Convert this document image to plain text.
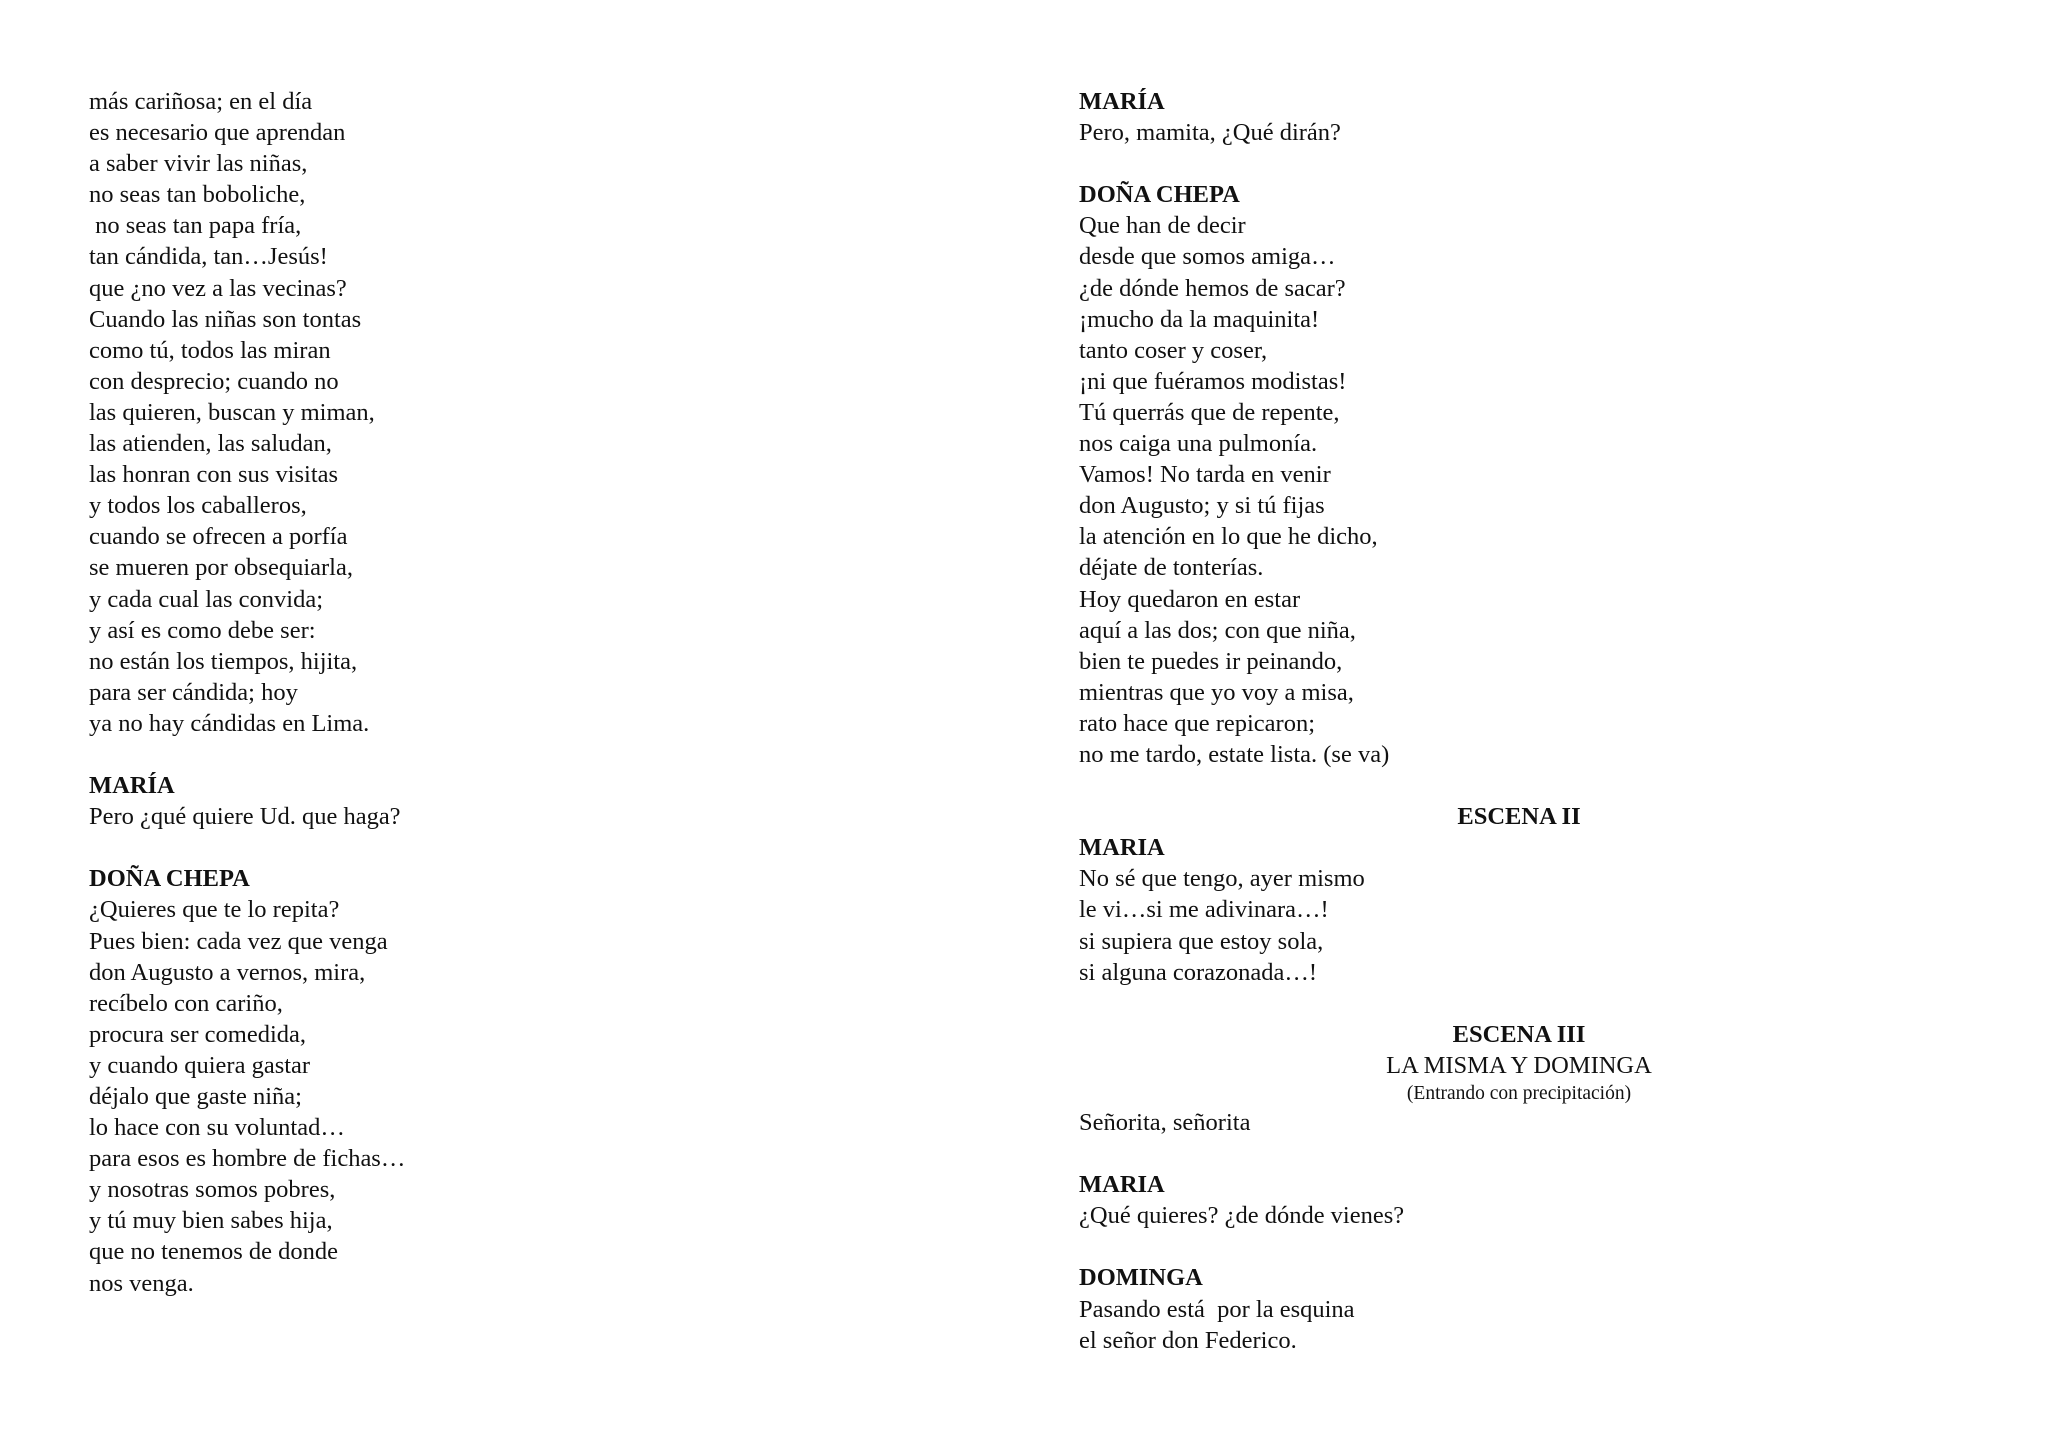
más cariñosa; en el día
es necesario que aprendan
a saber vivir las niñas,
no seas tan boboliche,
no seas tan papa fría,
tan cándida, tan…Jesús!
que ¿no vez a las vecinas?
Cuando las niñas son tontas
como tú, todos las miran
con desprecio; cuando no
las quieren, buscan y miman,
las atienden, las saludan,
las honran con sus visitas
y todos los caballeros,
cuando se ofrecen a porfía
se mueren por obsequiarla,
y cada cual las convida;
y así es como debe ser:
no están los tiempos, hijita,
para ser cándida; hoy
ya no hay cándidas en Lima.
MARÍA
Pero ¿qué quiere Ud. que haga?
DOÑA CHEPA
¿Quieres que te lo repita?
Pues bien: cada vez que venga
don Augusto a vernos, mira,
recíbelo con cariño,
procura ser comedida,
y cuando quiera gastar
déjalo que gaste niña;
lo hace con su voluntad…
para esos es hombre de fichas…
y nosotras somos pobres,
y tú muy bien sabes hija,
que no tenemos de donde
nos venga.
MARÍA
Pero, mamita, ¿Qué dirán?
DOÑA CHEPA
Que han de decir
desde que somos amiga…
¿de dónde hemos de sacar?
¡mucho da la maquinita!
tanto coser y coser,
¡ni que fuéramos modistas!
Tú querrás que de repente,
nos caiga una pulmonía.
Vamos! No tarda en venir
don Augusto; y si tú fijas
la atención en lo que he dicho,
déjate de tonterías.
Hoy quedaron en estar
aquí a las dos; con que niña,
bien te puedes ir peinando,
mientras que yo voy a misa,
rato hace que repicaron;
no me tardo, estate lista. (se va)
ESCENA II
MARIA
No sé que tengo, ayer mismo
le vi…si me adivinara…!
si supiera que estoy sola,
si alguna corazonada…!
ESCENA III
LA MISMA Y DOMINGA
(Entrando con precipitación)
Señorita, señorita
MARIA
¿Qué quieres? ¿de dónde vienes?
DOMINGA
Pasando está  por la esquina
el señor don Federico.
